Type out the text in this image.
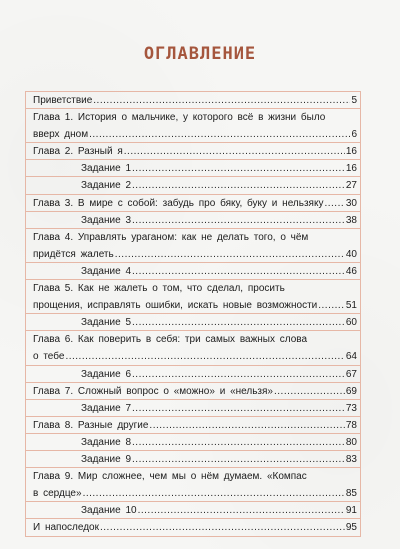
ОГЛАВЛЕНИЕ
Приветствие .....	5
Глава 1. История о мальчике, у которого всё в жизни было
вверх дном .....	6
Глава 2. Разный я .....	16
Задание 1 .....	16
Задание 2 .....	27
Глава 3. В мире с собой: забудь про бяку, буку и нельзяку ..... 30
Задание 3 .....	38
Глава 4. Управлять ураганом: как не делать того, о чём
придётся жалеть .....	40
Задание 4 .....	46
Глава 5. Как не жалеть о том, что сделал, просить
прощения, исправлять ошибки, искать новые возможности .....	51
Задание 5 .....	60
Глава 6. Как поверить в себя: три самых важных слова
о тебе .....	64
Задание 6 .....	67
Глава 7. Сложный вопрос о «можно» и «нельзя» .....	69
Задание 7 .....	73
Глава 8. Разные другие .....	78
Задание 8 .....	80
Задание 9 .....	83
Глава 9. Мир сложнее, чем мы о нём думаем. «Компас
в сердце» .....	85
Задание 10 .....	91
И напоследок .....	95
